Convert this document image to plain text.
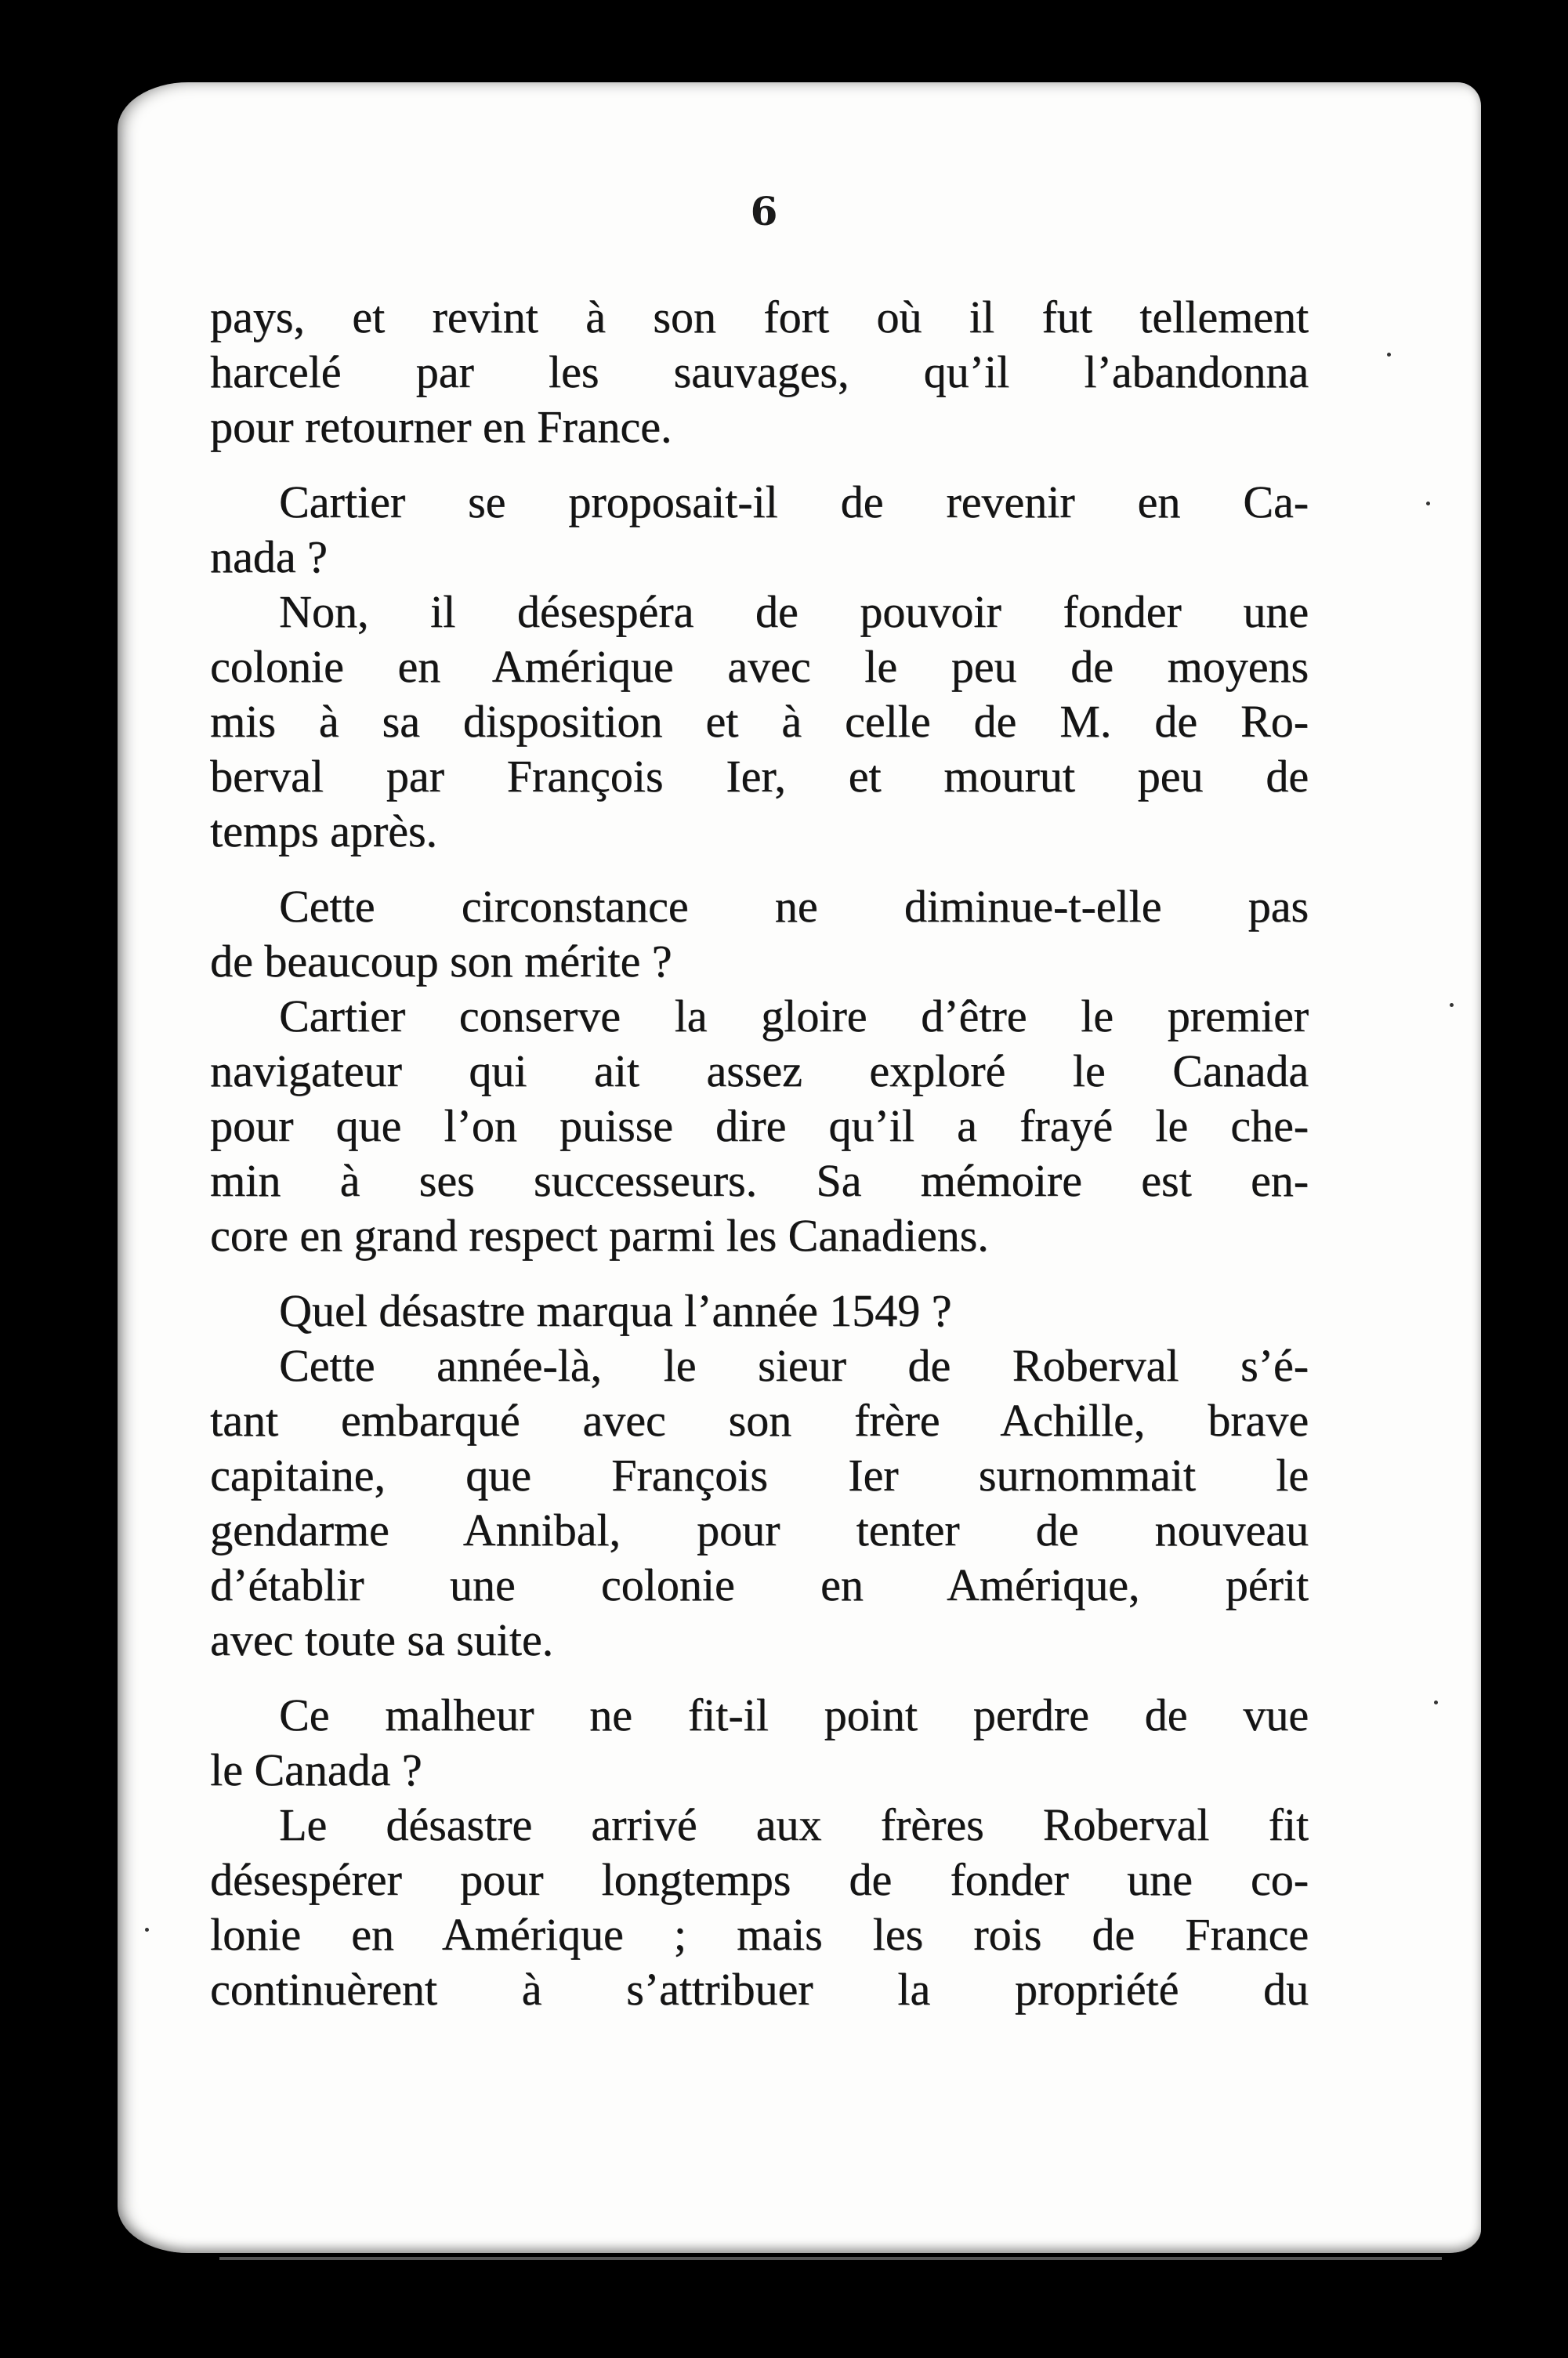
6
pays, et revint à son fort où il fut tellement
harcelé par les sauvages, qu’il l’abandonna
pour retourner en France.
Cartier se proposait-il de revenir en Ca-
nada ?
Non, il désespéra de pouvoir fonder une
colonie en Amérique avec le peu de moyens
mis à sa disposition et à celle de M. de Ro-
berval par François Ier, et mourut peu de
temps après.
Cette circonstance ne diminue-t-elle pas
de beaucoup son mérite ?
Cartier conserve la gloire d’être le premier
navigateur qui ait assez exploré le Canada
pour que l’on puisse dire qu’il a frayé le che-
min à ses successeurs. Sa mémoire est en-
core en grand respect parmi les Canadiens.
Quel désastre marqua l’année 1549 ?
Cette année-là, le sieur de Roberval s’é-
tant embarqué avec son frère Achille, brave
capitaine, que François Ier surnommait le
gendarme Annibal, pour tenter de nouveau
d’établir une colonie en Amérique, périt
avec toute sa suite.
Ce malheur ne fit-il point perdre de vue
le Canada ?
Le désastre arrivé aux frères Roberval fit
désespérer pour longtemps de fonder une co-
lonie en Amérique ; mais les rois de France
continuèrent à s’attribuer la propriété du
